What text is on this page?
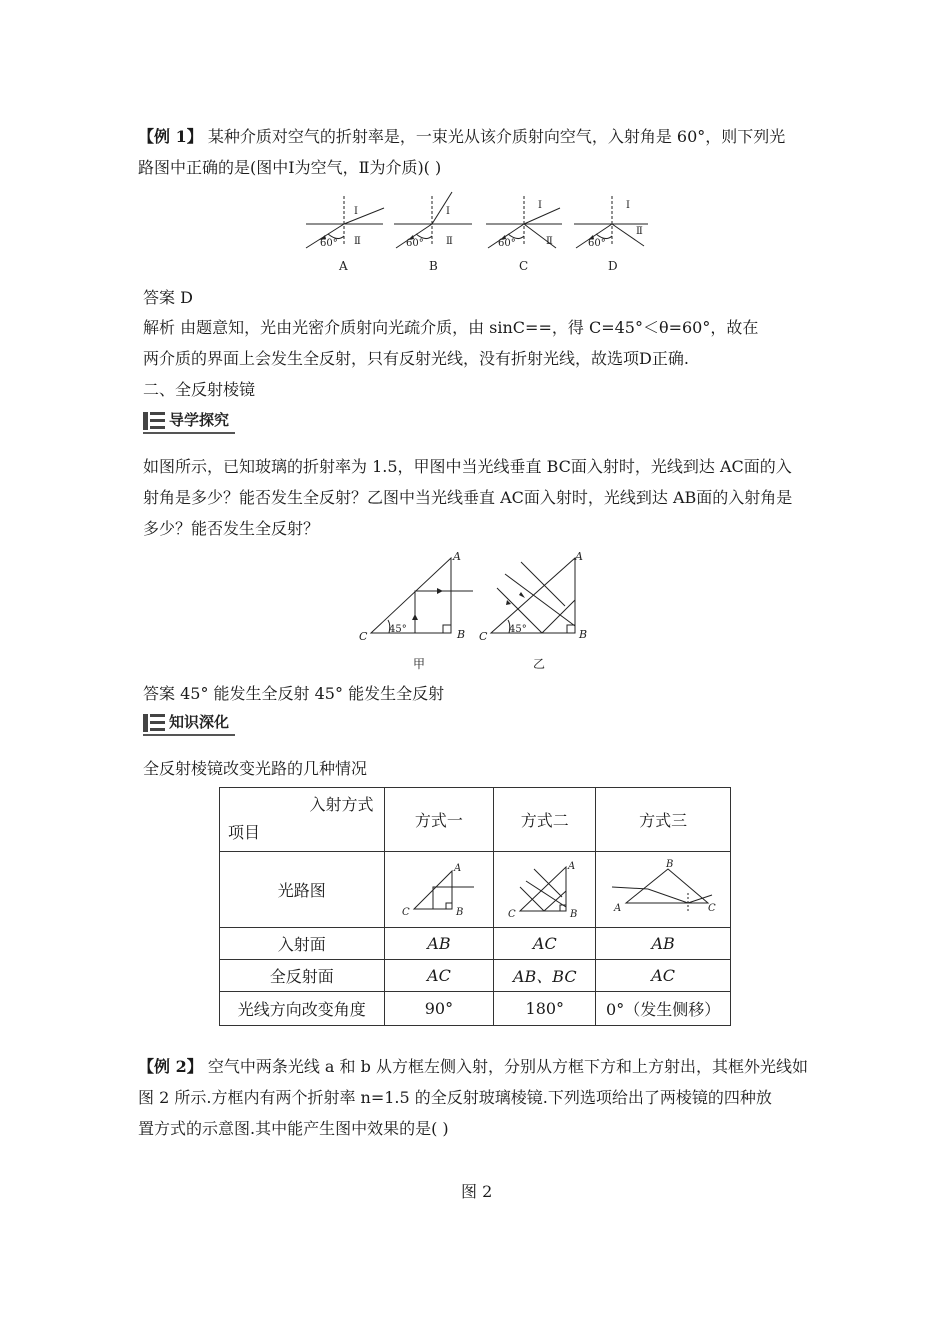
【例 1】 某种介质对空气的折射率是，一束光从该介质射向空气，入射角是 60°，则下列光
路图中正确的是(图中Ⅰ为空气，Ⅱ为介质)( )
60°	60°	60°	60°
Ⅰ
Ⅱ
Ⅰ
Ⅱ
Ⅰ
Ⅱ
Ⅰ
Ⅱ
A	B	C	D
答案 D
解析 由题意知，光由光密介质射向光疏介质，由 sinC==，得 C=45°＜θ=60°，故在
两介质的界面上会发生全反射，只有反射光线，没有折射光线，故选项D正确.
二、全反射棱镜
导学探究
如图所示，已知玻璃的折射率为 1.5，甲图中当光线垂直 BC面入射时，光线到达 AC面的入
射角是多少？能否发生全反射？乙图中当光线垂直 AC面入射时，光线到达 AB面的入射角是
多少？能否发生全反射？
A
B
C
A
B
C
45°	45°
甲	乙
答案 45° 能发生全反射 45° 能发生全反射
知识深化
全反射棱镜改变光路的几种情况
入射方式
项目	方式一	方式二	方式三
光路图	A
B
C	A
B
C	B
A C

入射面	AB	AC	AB
全反射面	AC	AB、BC	AC
光线方向改变角度	90°	180°	0°（发生侧移）
【例 2】 空气中两条光线 a 和 b 从方框左侧入射，分别从方框下方和上方射出，其框外光线如
图 2 所示.方框内有两个折射率 n=1.5 的全反射玻璃棱镜.下列选项给出了两棱镜的四种放
置方式的示意图.其中能产生图中效果的是( )
图 2
